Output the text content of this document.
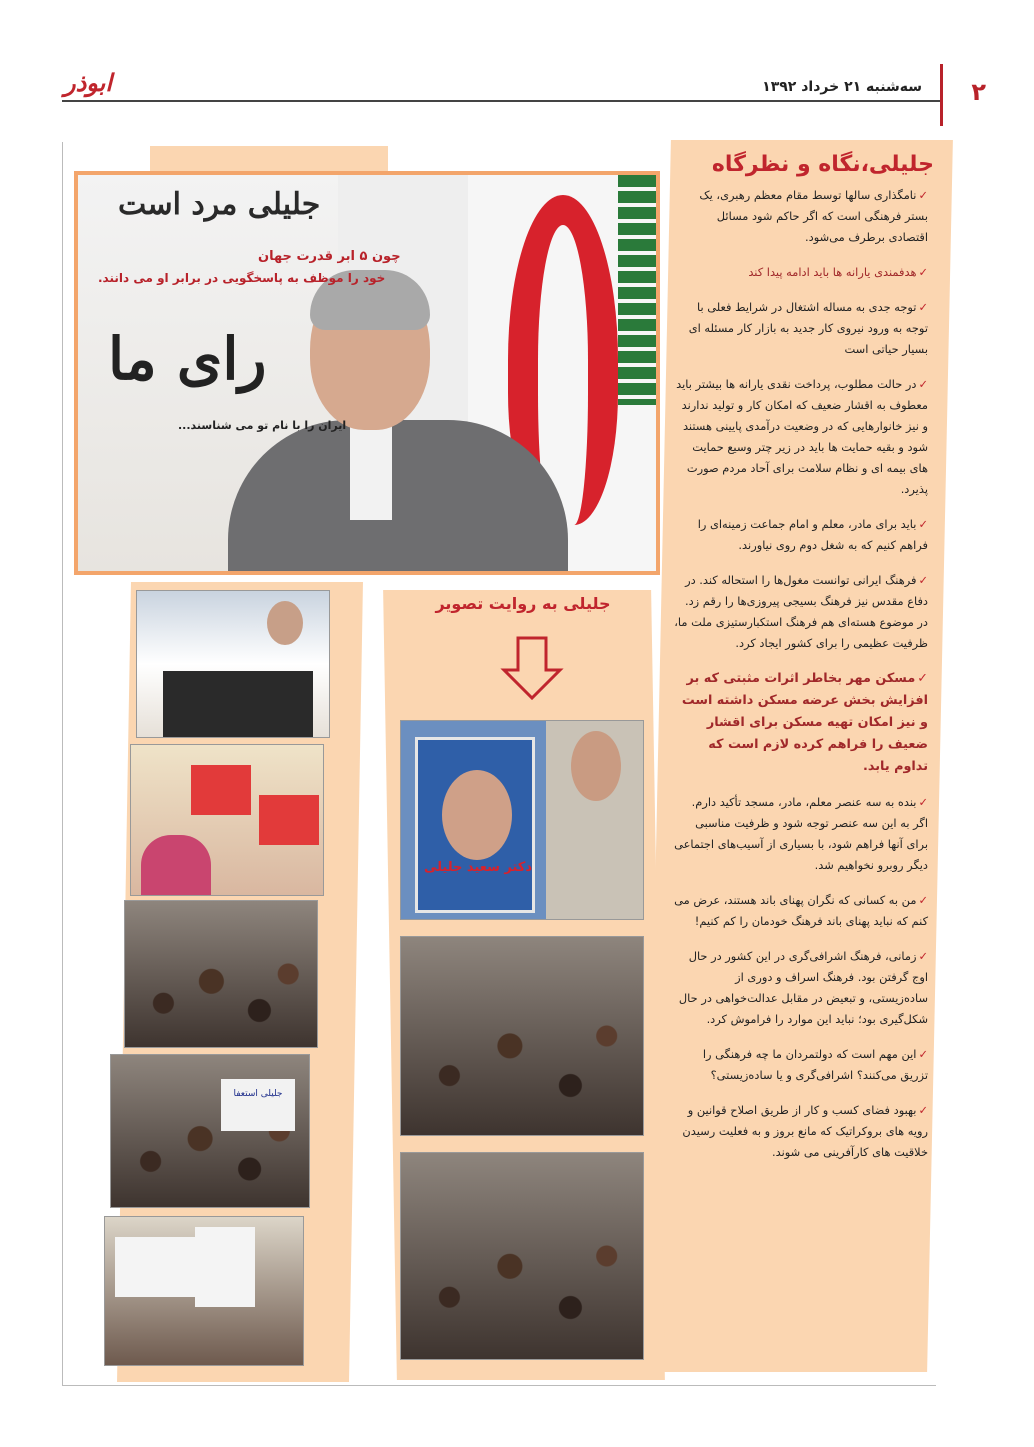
۲
سه‌شنبه ۲۱ خرداد ۱۳۹۲
ابوذر
جلیلی،نگاه و نظرگاه
✓نامگذاری سالها توسط مقام معظم رهبری، یک بستر فرهنگی است که اگر حاکم شود مسائل اقتصادی برطرف می‌شود.
✓هدفمندی یارانه ها باید ادامه پیدا کند
✓توجه جدی به مساله اشتغال در شرایط فعلی با توجه به ورود نیروی کار جدید به بازار کار مسئله ای بسیار حیاتی است
✓در حالت مطلوب، پرداخت نقدی یارانه ها بیشتر باید معطوف به اقشار ضعیف که امکان کار و تولید ندارند و نیز خانوارهایی که در وضعیت درآمدی پایینی هستند شود و بقیه حمایت ها باید در زیر چتر وسیع حمایت های بیمه ای و نظام سلامت برای آحاد مردم صورت پذیرد.
✓باید برای مادر، معلم و امام جماعت زمینه‌ای را فراهم کنیم که به شغل دوم روی نیاورند.
✓فرهنگ ایرانی توانست مغول‌ها را استحاله کند. در دفاع مقدس نیز فرهنگ بسیجی پیروزی‌ها را رقم زد. در موضوع هسته‌ای هم فرهنگ استکبارستیزی ملت ما، ظرفیت عظیمی را برای کشور ایجاد کرد.
✓مسکن مهر بخاطر اثرات مثبتی که بر افزایش بخش عرضه مسکن داشته است و نیز امکان تهیه مسکن برای اقشار ضعیف را فراهم کرده لازم است که تداوم یابد.
✓بنده به سه عنصر معلم، مادر، مسجد تأکید دارم. اگر به این سه عنصر توجه شود و ظرفیت مناسبی برای آنها فراهم شود، با بسیاری از آسیب‌های اجتماعی دیگر روبرو نخواهیم شد.
✓من به کسانی که نگران پهنای باند هستند، عرض می کنم که نباید پهنای باند فرهنگ خودمان را کم کنیم!
✓زمانی، فرهنگ اشرافی‌گری در این کشور در حال اوج گرفتن بود. فرهنگ اسراف و دوری از ساده‌زیستی، و تبعیض در مقابل عدالت‌خواهی در حال شکل‌گیری بود؛ نباید این موارد را فراموش کرد.
✓این مهم است که دولتمردان ما چه فرهنگی را تزریق می‌کنند؟ اشرافی‌گری و یا ساده‌زیستی؟
✓بهبود فضای کسب و کار از طریق اصلاح قوانین و رویه های بروکراتیک که مانع بروز و به فعلیت رسیدن خلاقیت های کارآفرینی می شوند.
جلیلی مرد است
چون ۵ ابر قدرت جهان
خود را موظف به پاسخگویی در برابر او می دانند.
رای ما
ایران را با نام تو می شناسند...
جلیلی به روایت تصویر
دکتر سعید جلیلی
جلیلی استعفا
